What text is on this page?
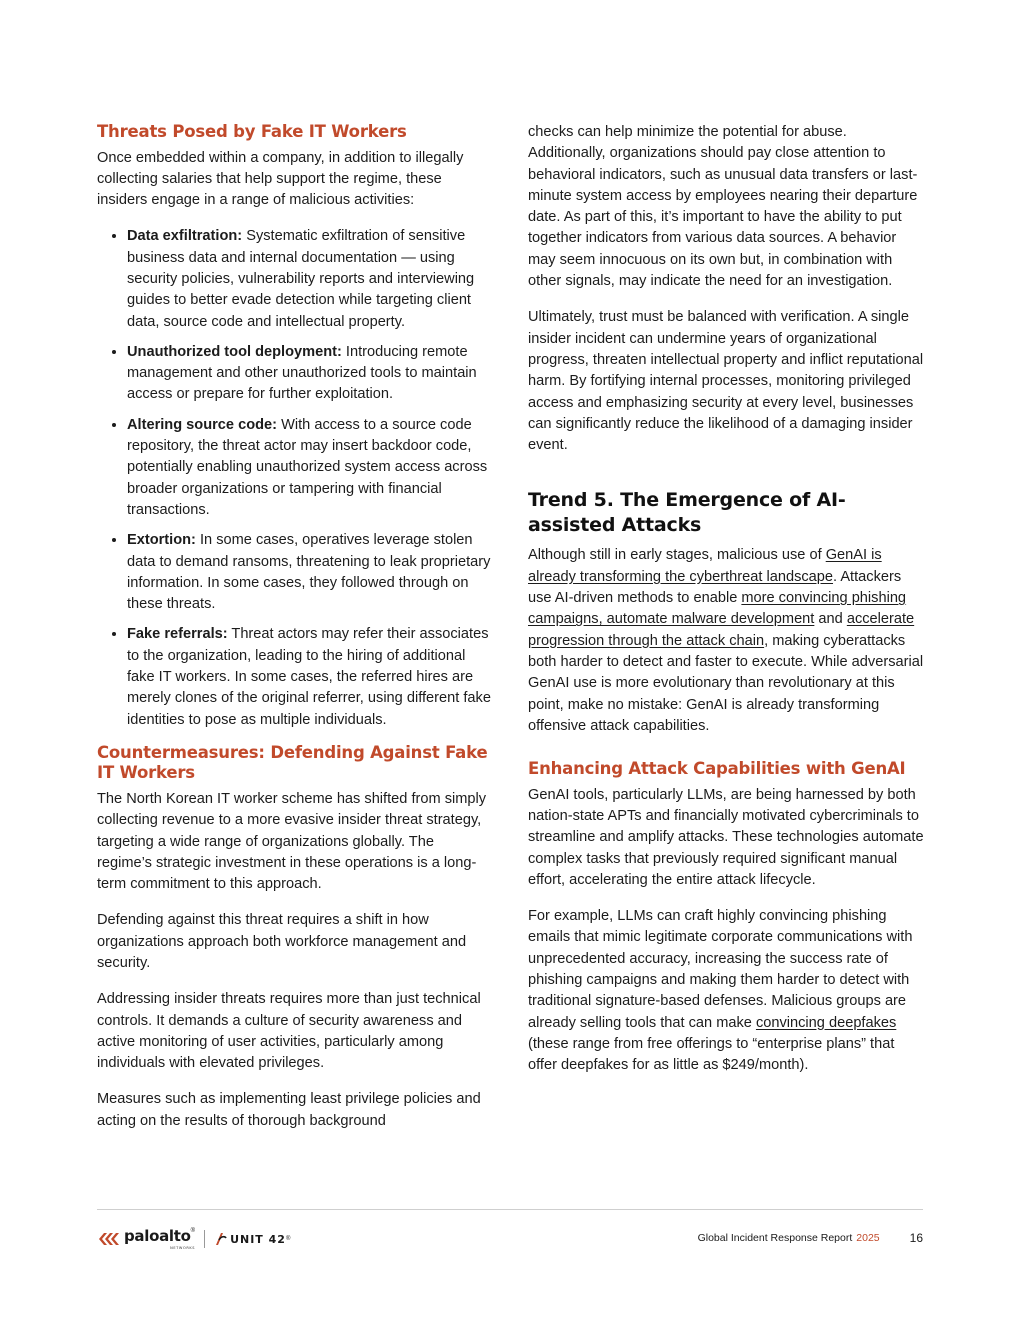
Threats Posed by Fake IT Workers

Once embedded within a company, in addition to illegally collecting salaries that help support the regime, these insiders engage in a range of malicious activities:

• Data exfiltration: Systematic exfiltration of sensitive business data and internal documentation — using security policies, vulnerability reports and interviewing guides to better evade detection while targeting client data, source code and intellectual property.
• Unauthorized tool deployment: Introducing remote management and other unauthorized tools to maintain access or prepare for further exploitation.
• Altering source code: With access to a source code repository, the threat actor may insert backdoor code, potentially enabling unauthorized system access across broader organizations or tampering with financial transactions.
• Extortion: In some cases, operatives leverage stolen data to demand ransoms, threatening to leak proprietary information. In some cases, they followed through on these threats.
• Fake referrals: Threat actors may refer their associates to the organization, leading to the hiring of additional fake IT workers. In some cases, the referred hires are merely clones of the original referrer, using different fake identities to pose as multiple individuals.
Countermeasures: Defending Against Fake IT Workers

The North Korean IT worker scheme has shifted from simply collecting revenue to a more evasive insider threat strategy, targeting a wide range of organizations globally. The regime’s strategic investment in these operations is a long-term commitment to this approach.

Defending against this threat requires a shift in how organizations approach both workforce management and security.

Addressing insider threats requires more than just technical controls. It demands a culture of security awareness and active monitoring of user activities, particularly among individuals with elevated privileges.

Measures such as implementing least privilege policies and acting on the results of thorough background

checks can help minimize the potential for abuse. Additionally, organizations should pay close attention to behavioral indicators, such as unusual data transfers or last-minute system access by employees nearing their departure date. As part of this, it’s important to have the ability to put together indicators from various data sources. A behavior may seem innocuous on its own but, in combination with other signals, may indicate the need for an investigation.

Ultimately, trust must be balanced with verification. A single insider incident can undermine years of organizational progress, threaten intellectual property and inflict reputational harm. By fortifying internal processes, monitoring privileged access and emphasizing security at every level, businesses can significantly reduce the likelihood of a damaging insider event.

Trend 5. The Emergence of AI-assisted Attacks

Although still in early stages, malicious use of GenAI is already transforming the cyberthreat landscape. Attackers use AI-driven methods to enable more convincing phishing campaigns, automate malware development and accelerate progression through the attack chain, making cyberattacks both harder to detect and faster to execute. While adversarial GenAI use is more evolutionary than revolutionary at this point, make no mistake: GenAI is already transforming offensive attack capabilities.

Enhancing Attack Capabilities with GenAI

GenAI tools, particularly LLMs, are being harnessed by both nation-state APTs and financially motivated cybercriminals to streamline and amplify attacks. These technologies automate complex tasks that previously required significant manual effort, accelerating the entire attack lifecycle.

For example, LLMs can craft highly convincing phishing emails that mimic legitimate corporate communications with unprecedented accuracy, increasing the success rate of phishing campaigns and making them harder to detect with traditional signature-based defenses. Malicious groups are already selling tools that can make convincing deepfakes (these range from free offerings to “enterprise plans” that offer deepfakes for as little as $249/month).

paloalto®
NETWORKS
UNIT 42 ®	Global Incident Response Report 2025	16
